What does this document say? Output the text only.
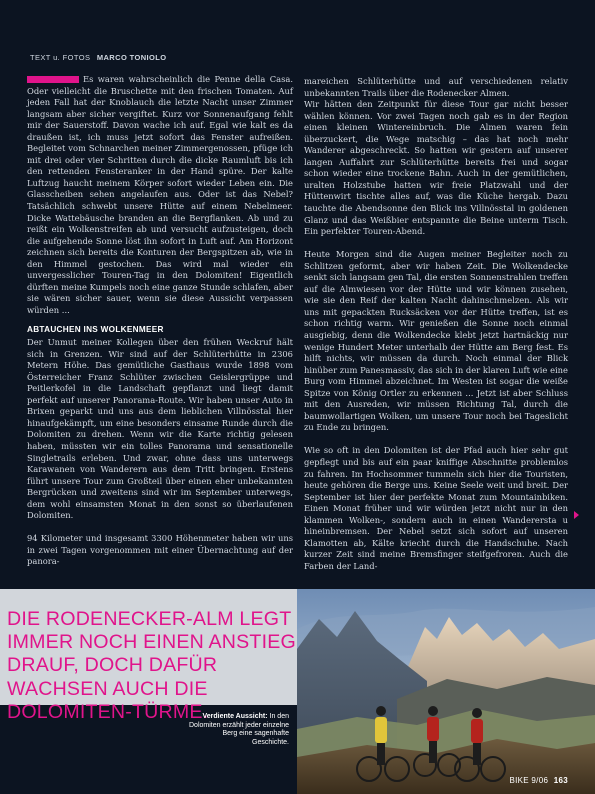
TEXT u. FOTOS MARCO TONIOLO

Es waren wahrscheinlich die Penne della Casa. Oder vielleicht die Bruschette mit den frischen Tomaten. Auf jeden Fall hat der Knoblauch die letzte Nacht unser Zimmer langsam aber sicher vergiftet. Kurz vor Sonnenaufgang fehlt mir der Sauerstoff. Davon wache ich auf. Egal wie kalt es da draußen ist, ich muss jetzt sofort das Fenster aufreißen. Begleitet vom Schnarchen meiner Zimmergenossen, pfüge ich mit drei oder vier Schritten durch die dicke Raumluft bis ich den rettenden Fensteranker in der Hand spüre. Der kalte Luftzug haucht meinem Körper sofort wieder Leben ein. Die Glasscheiben sehen angelaufen aus. Oder ist das Nebel? Tatsächlich schwebt unsere Hütte auf einem Nebelmeer. Dicke Wattebäusche branden an die Bergflanken. Ab und zu reißt ein Wolkenstreifen ab und versucht aufzusteigen, doch die aufgehende Sonne löst ihn sofort in Luft auf. Am Horizont zeichnen sich bereits die Konturen der Bergspitzen ab, wie in den Himmel gestochen. Das wird mal wieder ein unvergesslicher Touren-Tag in den Dolomiten! Eigentlich dürften meine Kumpels noch eine ganze Stunde schlafen, aber sie wären sicher sauer, wenn sie diese Aussicht verpassen würden ...

ABTAUCHEN INS WOLKENMEER

Der Unmut meiner Kollegen über den frühen Weckruf hält sich in Grenzen. Wir sind auf der Schlüterhütte in 2306 Metern Höhe. Das gemütliche Gasthaus wurde 1898 vom Österreicher Franz Schlüter zwischen Geislergrüppe und Peitlerkofel in die Landschaft gepflanzt und liegt damit perfekt auf unserer Panorama-Route. Wir haben unser Auto in Brixen geparkt und uns aus dem lieblichen Villnösstal hier hinaufgekämpft, um eine besonders einsame Runde durch die Dolomiten zu drehen. Wenn wir die Karte richtig gelesen haben, müssten wir ein tolles Panorama und sensationelle Singletrails erleben. Und zwar, ohne dass uns unterwegs Karawanen von Wanderern aus dem Tritt bringen. Erstens führt unsere Tour zum Großteil über einen eher unbekannten Bergrücken und zweitens sind wir im September unterwegs, dem wohl einsamsten Monat in den sonst so überlaufenen Dolomiten.

94 Kilometer und insgesamt 3300 Höhenmeter haben wir uns in zwei Tagen vorgenommen mit einer Übernachtung auf der panora-

mareichen Schlüterhütte und auf verschiedenen relativ unbekannten Trails über die Rodenecker Almen.

Wir hätten den Zeitpunkt für diese Tour gar nicht besser wählen können. Vor zwei Tagen noch gab es in der Region einen kleinen Wintereinbruch. Die Almen waren fein überzuckert, die Wege matschig – das hat noch mehr Wanderer abgeschreckt. So hatten wir gestern auf unserer langen Auffahrt zur Schlüterhütte bereits frei und sogar schon wieder eine trockene Bahn. Auch in der gemütlichen, uralten Holzstube hatten wir freie Platzwahl und der Hüttenwirt tischte alles auf, was die Küche hergab. Dazu tauchte die Abendsonne den Blick ins Villnösstal in goldenen Glanz und das Weißbier entspannte die Beine unterm Tisch. Ein perfekter Touren-Abend.

Heute Morgen sind die Augen meiner Begleiter noch zu Schlitzen geformt, aber wir haben Zeit. Die Wolkendecke senkt sich langsam gen Tal, die ersten Sonnenstrahlen treffen auf die Almwiesen vor der Hütte und wir können zusehen, wie sie den Reif der kalten Nacht dahinschmelzen. Als wir uns mit gepackten Rucksäcken vor der Hütte treffen, ist es schon richtig warm. Wir genießen die Sonne noch einmal ausgiebig, denn die Wolkendecke klebt jetzt hartnäckig nur wenige Hundert Meter unterhalb der Hütte am Berg fest. Es hilft nichts, wir müssen da durch. Noch einmal der Blick hinüber zum Panesmassiv, das sich in der klaren Luft wie eine Burg vom Himmel abzeichnet. Im Westen ist sogar die weiße Spitze von König Ortler zu erkennen ... Jetzt ist aber Schluss mit den Ausreden, wir müssen Richtung Tal, durch die baumwollartigen Wolken, um unsere Tour noch bei Tageslicht zu Ende zu bringen.

Wie so oft in den Dolomiten ist der Pfad auch hier sehr gut gepflegt und bis auf ein paar kniffige Abschnitte problemlos zu fahren. Im Hochsommer tummeln sich hier die Touristen, heute gehören die Berge uns. Keine Seele weit und breit. Der September ist hier der perfekte Monat zum Mountainbiken. Einen Monat früher und wir würden jetzt nicht nur in den klammen Wolken-, sondern auch in einen Wanderersta u hineinbremsen. Der Nebel setzt sich sofort auf unseren Klamotten ab, Kälte kriecht durch die Handschuhe. Nach kurzer Zeit sind meine Bremsfinger steifgefroren. Auch die Farben der Land-

DIE RODENECKER-ALM LEGT IMMER NOCH EINEN ANSTIEG DRAUF, DOCH DAFÜR WACHSEN AUCH DIE DOLOMITEN-TÜRME.
Verdiente Aussicht: In den Dolomiten erzählt jeder einzelne Berg eine sagenhafte Geschichte.
BIKE 9/06 163
